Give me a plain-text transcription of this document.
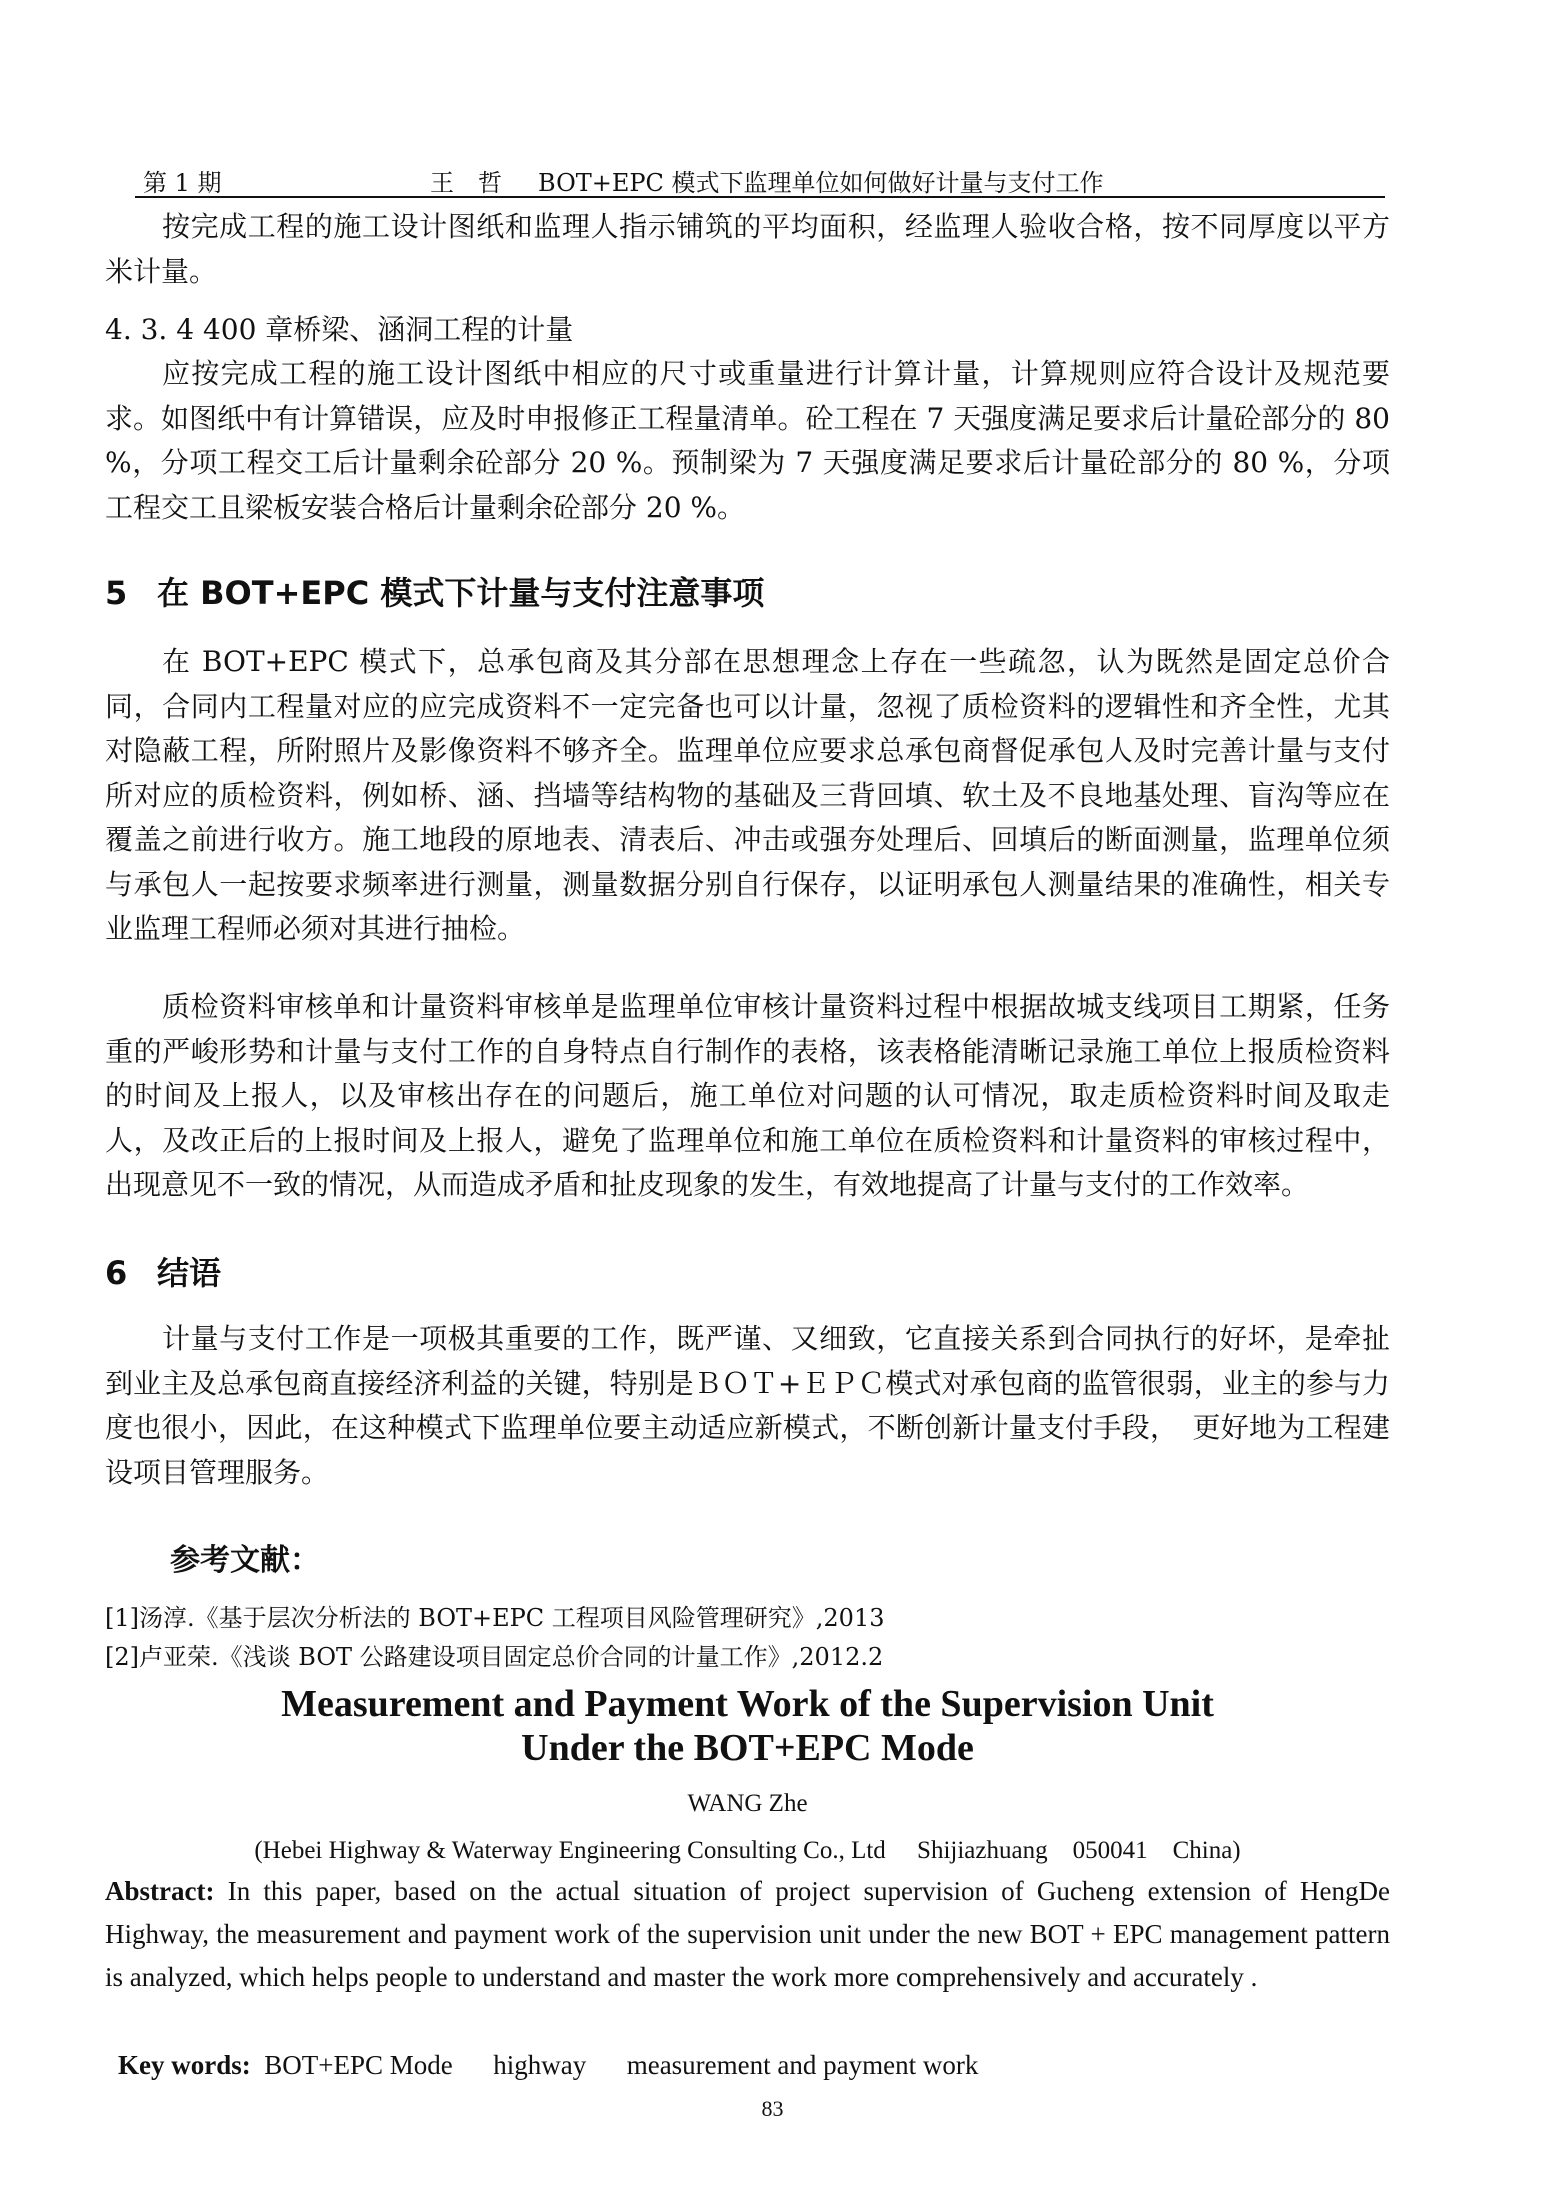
第 1 期	王　哲 BOT+EPC 模式下监理单位如何做好计量与支付工作

按完成工程的施工设计图纸和监理人指示铺筑的平均面积，经监理人验收合格，按不同厚度以平方米计量。

4. 3. 4 400 章桥梁、涵洞工程的计量

应按完成工程的施工设计图纸中相应的尺寸或重量进行计算计量，计算规则应符合设计及规范要求。如图纸中有计算错误，应及时申报修正工程量清单。砼工程在 7 天强度满足要求后计量砼部分的 80 %，分项工程交工后计量剩余砼部分 20 %。预制梁为 7 天强度满足要求后计量砼部分的 80 %，分项工程交工且梁板安装合格后计量剩余砼部分 20 %。

5 在 BOT+EPC 模式下计量与支付注意事项

在 BOT+EPC 模式下，总承包商及其分部在思想理念上存在一些疏忽，认为既然是固定总价合同，合同内工程量对应的应完成资料不一定完备也可以计量，忽视了质检资料的逻辑性和齐全性，尤其对隐蔽工程，所附照片及影像资料不够齐全。监理单位应要求总承包商督促承包人及时完善计量与支付所对应的质检资料，例如桥、涵、挡墙等结构物的基础及三背回填、软土及不良地基处理、盲沟等应在覆盖之前进行收方。施工地段的原地表、清表后、冲击或强夯处理后、回填后的断面测量，监理单位须与承包人一起按要求频率进行测量，测量数据分别自行保存，以证明承包人测量结果的准确性，相关专业监理工程师必须对其进行抽检。

质检资料审核单和计量资料审核单是监理单位审核计量资料过程中根据故城支线项目工期紧，任务重的严峻形势和计量与支付工作的自身特点自行制作的表格，该表格能清晰记录施工单位上报质检资料的时间及上报人，以及审核出存在的问题后，施工单位对问题的认可情况，取走质检资料时间及取走人，及改正后的上报时间及上报人，避免了监理单位和施工单位在质检资料和计量资料的审核过程中，出现意见不一致的情况，从而造成矛盾和扯皮现象的发生，有效地提高了计量与支付的工作效率。

6 结语

计量与支付工作是一项极其重要的工作，既严谨、又细致，它直接关系到合同执行的好坏，是牵扯到业主及总承包商直接经济利益的关键，特别是ＢＯＴ+ＥＰＣ模式对承包商的监管很弱，业主的参与力度也很小，因此，在这种模式下监理单位要主动适应新模式，不断创新计量支付手段，　更好地为工程建设项目管理服务。

参考文献：

[1]汤淳.《基于层次分析法的 BOT+EPC 工程项目风险管理研究》,2013

[2]卢亚荣.《浅谈 BOT 公路建设项目固定总价合同的计量工作》,2012.2

Measurement and Payment Work of the Supervision Unit
Under the BOT+EPC Mode

WANG Zhe

(Hebei Highway & Waterway Engineering Consulting Co., Ltd     Shijiazhuang    050041    China)

Abstract: In this paper, based on the actual situation of project supervision of Gucheng extension of HengDe Highway, the measurement and payment work of the supervision unit under the new BOT + EPC management pattern is analyzed, which helps people to understand and master the work more comprehensively and accurately .

Key words:  BOT+EPC Mode      highway      measurement and payment work

83
